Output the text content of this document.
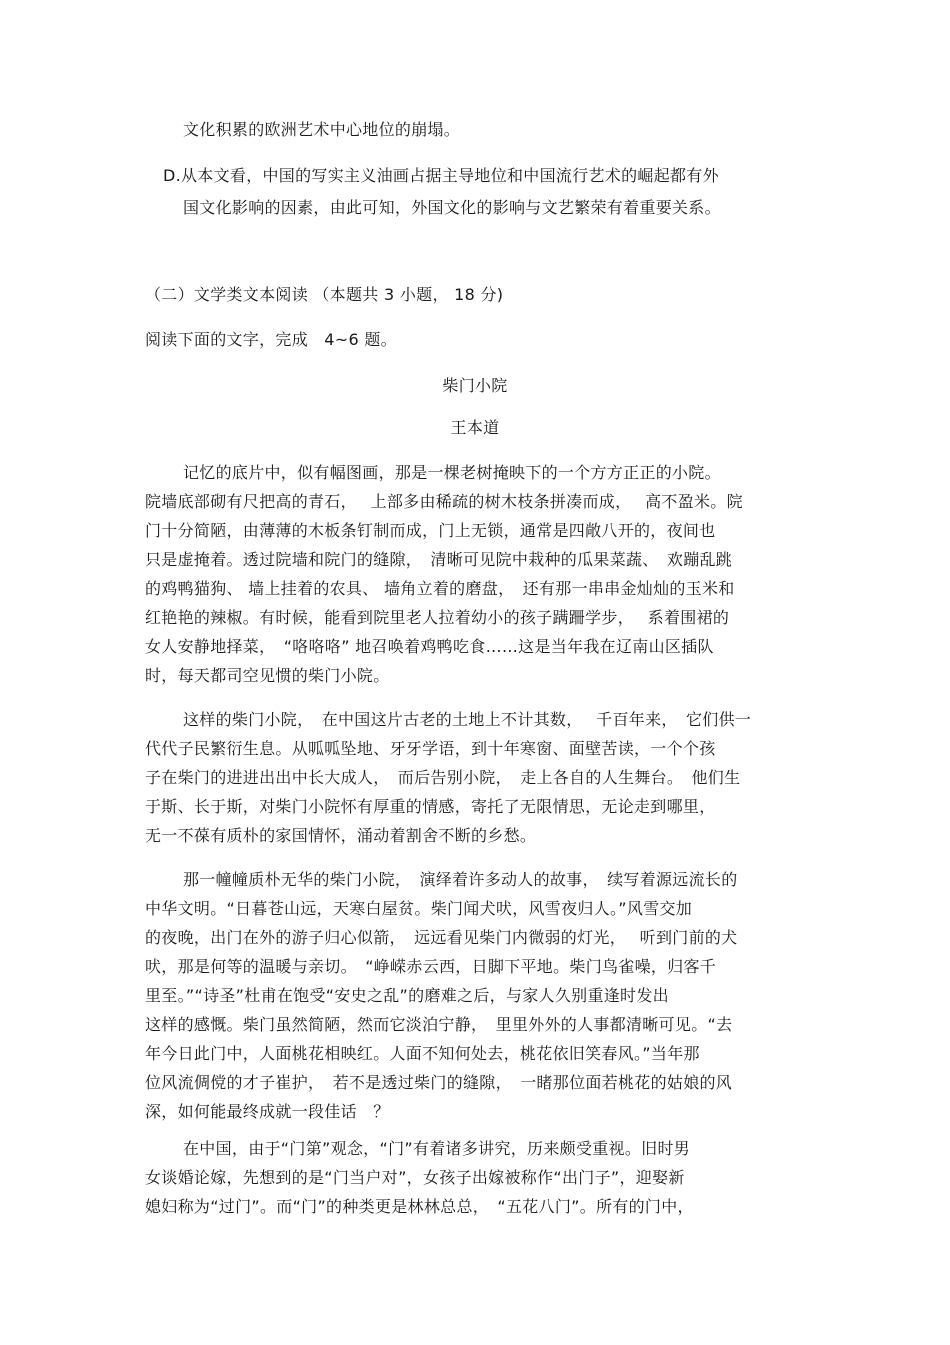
文化积累的欧洲艺术中心地位的崩塌。
D.从本文看，中国的写实主义油画占据主导地位和中国流行艺术的崛起都有外
国文化影响的因素，由此可知，外国文化的影响与文艺繁荣有着重要关系。
（二）文学类文本阅读 （本题共 3 小题， 18 分)
阅读下面的文字，完成　4~6 题。
柴门小院
王本道
记忆的底片中，似有幅图画，那是一棵老树掩映下的一个方方正正的小院。
院墙底部砌有尺把高的青石，　 上部多由稀疏的树木枝条拼凑而成，　 高不盈米。院
门十分简陋，由薄薄的木板条钉制而成，门上无锁，通常是四敞八开的，夜间也
只是虚掩着。透过院墙和院门的缝隙，　清晰可见院中栽种的瓜果菜蔬、　欢蹦乱跳
的鸡鸭猫狗、 墙上挂着的农具、 墙角立着的磨盘，　还有那一串串金灿灿的玉米和
红艳艳的辣椒。有时候，能看到院里老人拉着幼小的孩子蹒跚学步，　 系着围裙的
女人安静地择菜，　“咯咯咯” 地召唤着鸡鸭吃食……这是当年我在辽南山区插队
时，每天都司空见惯的柴门小院。
这样的柴门小院，　在中国这片古老的土地上不计其数，　 千百年来，　它们供一
代代子民繁衍生息。从呱呱坠地、牙牙学语，到十年寒窗、面壁苦读，一个个孩
子在柴门的进进出出中长大成人，　而后告别小院，　走上各自的人生舞台。　他们生
于斯、长于斯，对柴门小院怀有厚重的情感，寄托了无限情思，无论走到哪里，
无一不葆有质朴的家国情怀，涌动着割舍不断的乡愁。
那一幢幢质朴无华的柴门小院，　演绎着许多动人的故事，　续写着源远流长的
中华文明。“日暮苍山远，天寒白屋贫。柴门闻犬吠，风雪夜归人。”风雪交加
的夜晚，出门在外的游子归心似箭，　远远看见柴门内微弱的灯光，　 听到门前的犬
吠，那是何等的温暖与亲切。　“峥嵘赤云西，日脚下平地。柴门鸟雀噪，归客千
里至。”“诗圣”杜甫在饱受“安史之乱”的磨难之后，与家人久别重逢时发出
这样的感慨。柴门虽然简陋，然而它淡泊宁静，　里里外外的人事都清晰可见。“去
年今日此门中，人面桃花相映红。人面不知何处去，桃花依旧笑春风。”当年那
位风流倜傥的才子崔护，　若不是透过柴门的缝隙，　一睹那位面若桃花的姑娘的风
深，如何能最终成就一段佳话　？
在中国，由于“门第”观念，“门”有着诸多讲究，历来颇受重视。旧时男
女谈婚论嫁，先想到的是“门当户对”，女孩子出嫁被称作“出门子”，迎娶新
媳妇称为“过门”。而“门”的种类更是林林总总，　“五花八门”。所有的门中，
